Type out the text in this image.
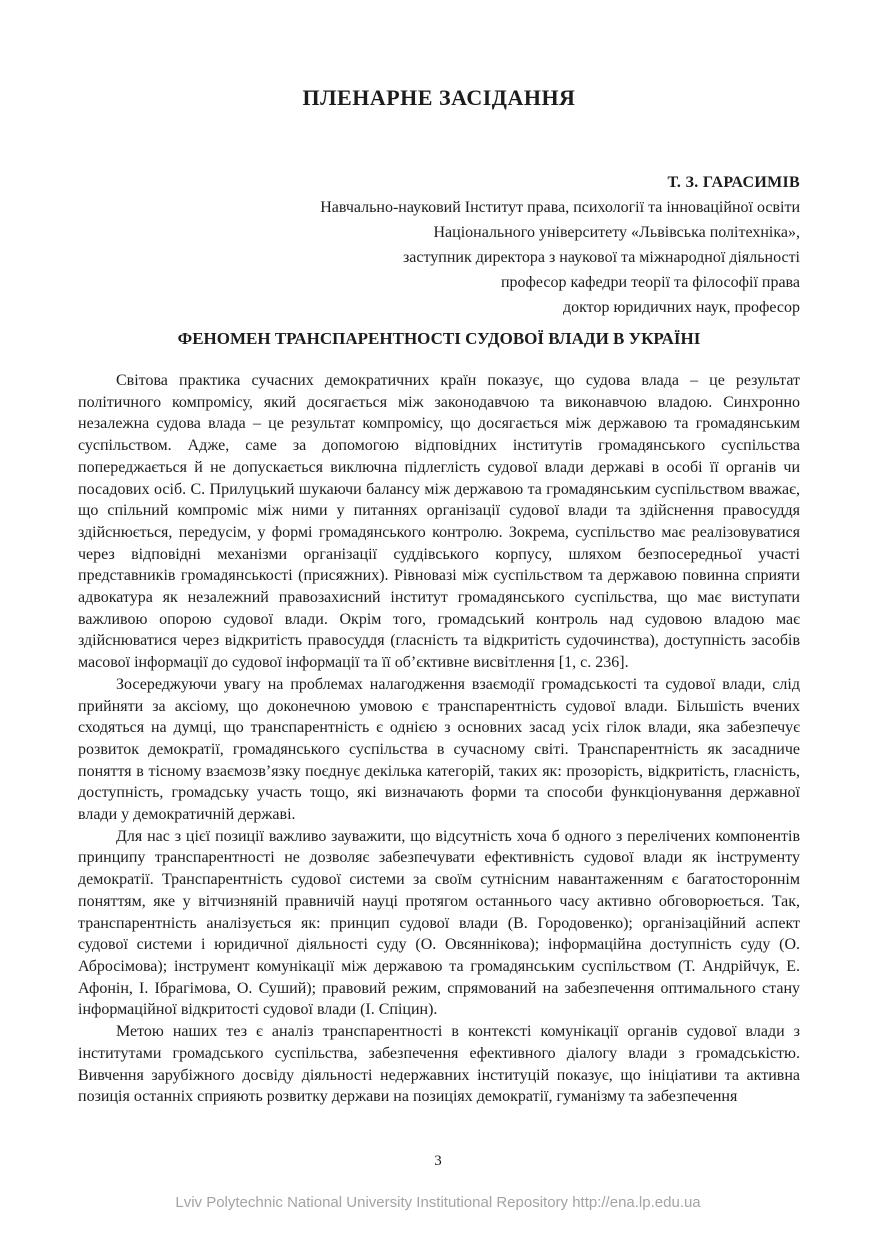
ПЛЕНАРНЕ ЗАСІДАННЯ
Т. З. ГАРАСИМІВ
Навчально-науковий Інститут права, психології та інноваційної освіти
Національного університету «Львівська політехніка»,
заступник директора з наукової та міжнародної діяльності
професор кафедри теорії та філософії права
доктор юридичних наук, професор
ФЕНОМЕН ТРАНСПАРЕНТНОСТІ СУДОВОЇ ВЛАДИ В УКРАЇНІ

Світова практика сучасних демократичних країн показує, що судова влада – це результат політичного компромісу, який досягається між законодавчою та виконавчою владою. Синхронно незалежна судова влада – це результат компромісу, що досягається між державою та громадянським суспільством. Адже, саме за допомогою відповідних інститутів громадянського суспільства попереджається й не допускається виключна підлеглість судової влади державі в особі її органів чи посадових осіб. С. Прилуцький шукаючи балансу між державою та громадянським суспільством вважає, що спільний компроміс між ними у питаннях організації судової влади та здійснення правосуддя здійснюється, передусім, у формі громадянського контролю. Зокрема, суспільство має реалізовуватися через відповідні механізми організації суддівського корпусу, шляхом безпосередньої участі представників громадянськості (присяжних). Рівновазі між суспільством та державою повинна сприяти адвокатура як незалежний правозахисний інститут громадянського суспільства, що має виступати важливою опорою судової влади. Окрім того, громадський контроль над судовою владою має здійснюватися через відкритість правосуддя (гласність та відкритість судочинства), доступність засобів масової інформації до судової інформації та її об’єктивне висвітлення [1, с. 236].

Зосереджуючи увагу на проблемах налагодження взаємодії громадськості та судової влади, слід прийняти за аксіому, що доконечною умовою є транспарентність судової влади. Більшість вчених сходяться на думці, що транспарентність є однією з основних засад усіх гілок влади, яка забезпечує розвиток демократії, громадянського суспільства в сучасному світі. Транспарентність як засадниче поняття в тісному взаємозв’язку поєднує декілька категорій, таких як: прозорість, відкритість, гласність, доступність, громадську участь тощо, які визначають форми та способи функціонування державної влади у демократичній державі.

Для нас з цієї позиції важливо зауважити, що відсутність хоча б одного з перелічених компонентів принципу транспарентності не дозволяє забезпечувати ефективність судової влади як інструменту демократії. Транспарентність судової системи за своїм сутнісним навантаженням є багатостороннім поняттям, яке у вітчизняній правничій науці протягом останнього часу активно обговорюється. Так, транспарентність аналізується як: принцип судової влади (В. Городовенко); організаційний аспект судової системи і юридичної діяльності суду (О. Овсяннікова); інформаційна доступність суду (О. Абросімова); інструмент комунікації між державою та громадянським суспільством (Т. Андрійчук, Е. Афонін, І. Ібрагімова, О. Суший); правовий режим, спрямований на забезпечення оптимального стану інформаційної відкритості судової влади (І. Спіцин).

Метою наших тез є аналіз транспарентності в контексті комунікації органів судової влади з інститутами громадського суспільства, забезпечення ефективного діалогу влади з громадськістю. Вивчення зарубіжного досвіду діяльності недержавних інституцій показує, що ініціативи та активна позиція останніх сприяють розвитку держави на позиціях демократії, гуманізму та забезпечення

3
Lviv Polytechnic National University Institutional Repository http://ena.lp.edu.ua
